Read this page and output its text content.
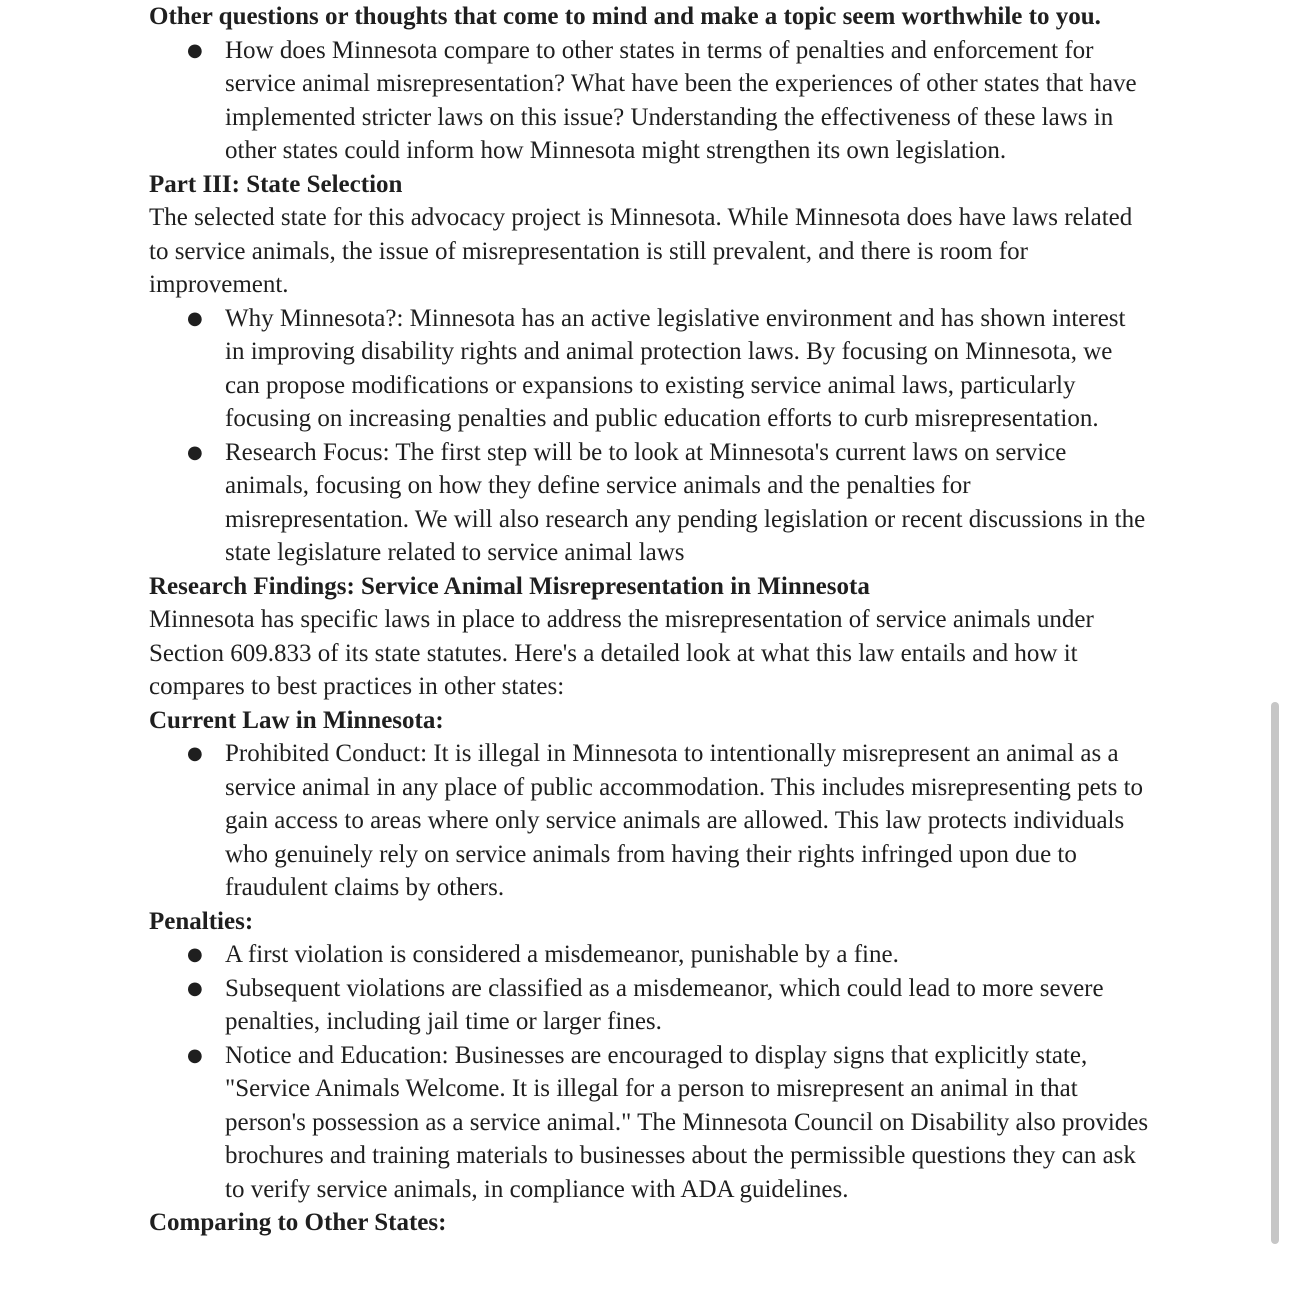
Other questions or thoughts that come to mind and make a topic seem worthwhile to you.

● How does Minnesota compare to other states in terms of penalties and enforcement for service animal misrepresentation? What have been the experiences of other states that have implemented stricter laws on this issue? Understanding the effectiveness of these laws in other states could inform how Minnesota might strengthen its own legislation.

Part III: State Selection

The selected state for this advocacy project is Minnesota. While Minnesota does have laws related to service animals, the issue of misrepresentation is still prevalent, and there is room for improvement.

● Why Minnesota?: Minnesota has an active legislative environment and has shown interest in improving disability rights and animal protection laws. By focusing on Minnesota, we can propose modifications or expansions to existing service animal laws, particularly focusing on increasing penalties and public education efforts to curb misrepresentation.
● Research Focus: The first step will be to look at Minnesota's current laws on service animals, focusing on how they define service animals and the penalties for misrepresentation. We will also research any pending legislation or recent discussions in the state legislature related to service animal laws

Research Findings: Service Animal Misrepresentation in Minnesota

Minnesota has specific laws in place to address the misrepresentation of service animals under Section 609.833 of its state statutes. Here's a detailed look at what this law entails and how it compares to best practices in other states:

Current Law in Minnesota:

● Prohibited Conduct: It is illegal in Minnesota to intentionally misrepresent an animal as a service animal in any place of public accommodation. This includes misrepresenting pets to gain access to areas where only service animals are allowed. This law protects individuals who genuinely rely on service animals from having their rights infringed upon due to fraudulent claims by others.

Penalties:

● A first violation is considered a misdemeanor, punishable by a fine.
● Subsequent violations are classified as a misdemeanor, which could lead to more severe penalties, including jail time or larger fines.
● Notice and Education: Businesses are encouraged to display signs that explicitly state, "Service Animals Welcome. It is illegal for a person to misrepresent an animal in that person's possession as a service animal." The Minnesota Council on Disability also provides brochures and training materials to businesses about the permissible questions they can ask to verify service animals, in compliance with ADA guidelines.

Comparing to Other States:
